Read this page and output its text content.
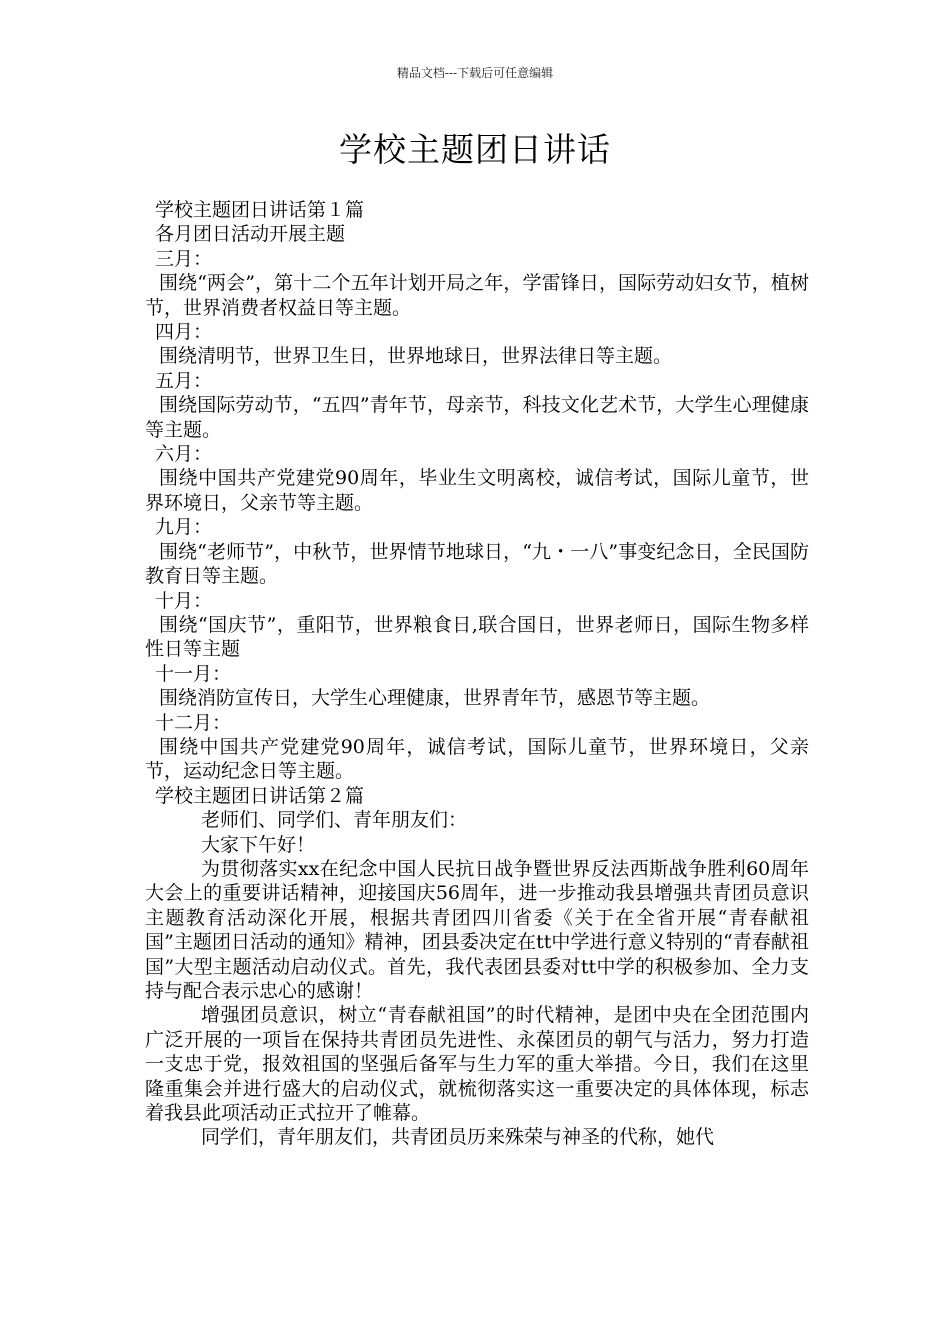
精品文档---下载后可任意编辑
学校主题团日讲话

学校主题团日讲话第１篇

各月团日活动开展主题

三月：

围绕“两会”，第十二个五年计划开局之年，学雷锋日，国际劳动妇女节，植树节，世界消费者权益日等主题。

四月：

围绕清明节，世界卫生日，世界地球日，世界法律日等主题。

五月：

围绕国际劳动节，“五四”青年节，母亲节，科技文化艺术节，大学生心理健康等主题。

六月：

围绕中国共产党建党90周年，毕业生文明离校，诚信考试，国际儿童节，世界环境日，父亲节等主题。

九月：

围绕“老师节”，中秋节，世界情节地球日，“九・一八”事变纪念日，全民国防教育日等主题。

十月：

围绕“国庆节”，重阳节，世界粮食日,联合国日，世界老师日，国际生物多样性日等主题

十一月：

围绕消防宣传日，大学生心理健康，世界青年节，感恩节等主题。

十二月：

围绕中国共产党建党90周年，诚信考试，国际儿童节，世界环境日，父亲节，运动纪念日等主题。

学校主题团日讲话第２篇

老师们、同学们、青年朋友们：

大家下午好！

为贯彻落实xx在纪念中国人民抗日战争暨世界反法西斯战争胜利60周年大会上的重要讲话精神，迎接国庆56周年，进一步推动我县增强共青团员意识主题教育活动深化开展，根据共青团四川省委《关于在全省开展“青春献祖国”主题团日活动的通知》精神，团县委决定在tt中学进行意义特别的“青春献祖国”大型主题活动启动仪式。首先，我代表团县委对tt中学的积极参加、全力支持与配合表示忠心的感谢！

增强团员意识，树立“青春献祖国”的时代精神，是团中央在全团范围内广泛开展的一项旨在保持共青团员先进性、永葆团员的朝气与活力，努力打造一支忠于党，报效祖国的坚强后备军与生力军的重大举措。今日，我们在这里隆重集会并进行盛大的启动仪式，就梳彻落实这一重要决定的具体体现，标志着我县此项活动正式拉开了帷幕。

同学们，青年朋友们，共青团员历来殊荣与神圣的代称，她代
